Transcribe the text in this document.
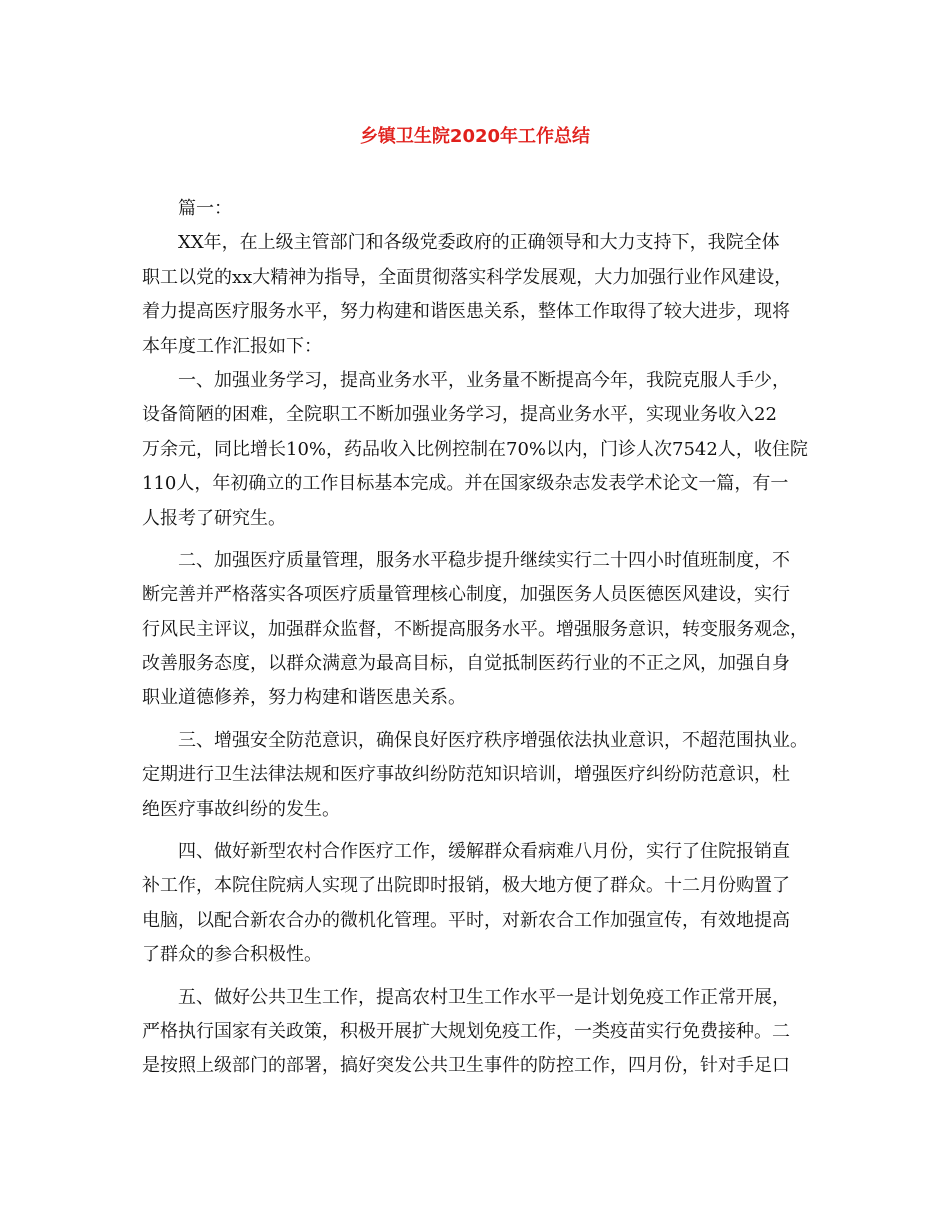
乡镇卫生院2020年工作总结
篇一：
XX年，在上级主管部门和各级党委政府的正确领导和大力支持下，我院全体
职工以党的xx大精神为指导，全面贯彻落实科学发展观，大力加强行业作风建设，
着力提高医疗服务水平，努力构建和谐医患关系，整体工作取得了较大进步，现将
本年度工作汇报如下：
一、加强业务学习，提高业务水平，业务量不断提高今年，我院克服人手少，
设备简陋的困难，全院职工不断加强业务学习，提高业务水平，实现业务收入22
万余元，同比增长10%，药品收入比例控制在70%以内，门诊人次7542人，收住院
110人，年初确立的工作目标基本完成。并在国家级杂志发表学术论文一篇，有一
人报考了研究生。
二、加强医疗质量管理，服务水平稳步提升继续实行二十四小时值班制度，不
断完善并严格落实各项医疗质量管理核心制度，加强医务人员医德医风建设，实行
行风民主评议，加强群众监督，不断提高服务水平。增强服务意识，转变服务观念，
改善服务态度，以群众满意为最高目标，自觉抵制医药行业的不正之风，加强自身
职业道德修养，努力构建和谐医患关系。
三、增强安全防范意识，确保良好医疗秩序增强依法执业意识，不超范围执业。
定期进行卫生法律法规和医疗事故纠纷防范知识培训，增强医疗纠纷防范意识，杜
绝医疗事故纠纷的发生。
四、做好新型农村合作医疗工作，缓解群众看病难八月份，实行了住院报销直
补工作，本院住院病人实现了出院即时报销，极大地方便了群众。十二月份购置了
电脑，以配合新农合办的微机化管理。平时，对新农合工作加强宣传，有效地提高
了群众的参合积极性。
五、做好公共卫生工作，提高农村卫生工作水平一是计划免疫工作正常开展，
严格执行国家有关政策，积极开展扩大规划免疫工作，一类疫苗实行免费接种。二
是按照上级部门的部署，搞好突发公共卫生事件的防控工作，四月份，针对手足口
